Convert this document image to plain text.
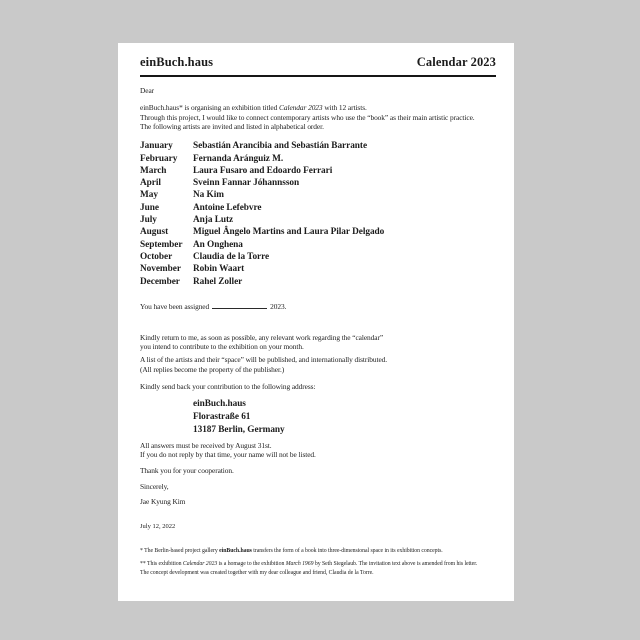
einBuch.haus	Calendar 2023

Dear

einBuch.haus* is organising an exhibition titled Calendar 2023 with 12 artists.
Through this project, I would like to connect contemporary artists who use the “book” as their main artistic practice.
The following artists are invited and listed in alphabetical order.
January	Sebastián Arancibia and Sebastián Barrante
February	Fernanda Aránguiz M.
March	Laura Fusaro and Edoardo Ferrari
April	Sveinn Fannar Jóhannsson
May	Na Kim
June	Antoine Lefebvre
July	Anja Lutz
August	Miguel Ângelo Martins and Laura Pilar Delgado
September	An Onghena
October	Claudia de la Torre
November	Robin Waart
December	Rahel Zoller

You have been assigned	2023.

Kindly return to me, as soon as possible, any relevant work regarding the “calendar”
you intend to contribute to the exhibition on your month.
A list of the artists and their “space” will be published, and internationally distributed.
(All replies become the property of the publisher.)

Kindly send back your contribution to the following address:

einBuch.haus
Florastraße 61
13187 Berlin, Germany
All answers must be received by August 31st.
If you do not reply by that time, your name will not be listed.

Thank you for your cooperation.

Sincerely,

Jae Kyung Kim

July 12, 2022

* The Berlin-based project gallery einBuch.haus transfers the form of a book into three-dimensional space in its exhibition concepts.

** This exhibition Calendar 2023 is a homage to the exhibition March 1969 by Seth Siegelaub. The invitation text above is amended from his letter.
The concept development was created together with my dear colleague and friend, Claudia de la Torre.
